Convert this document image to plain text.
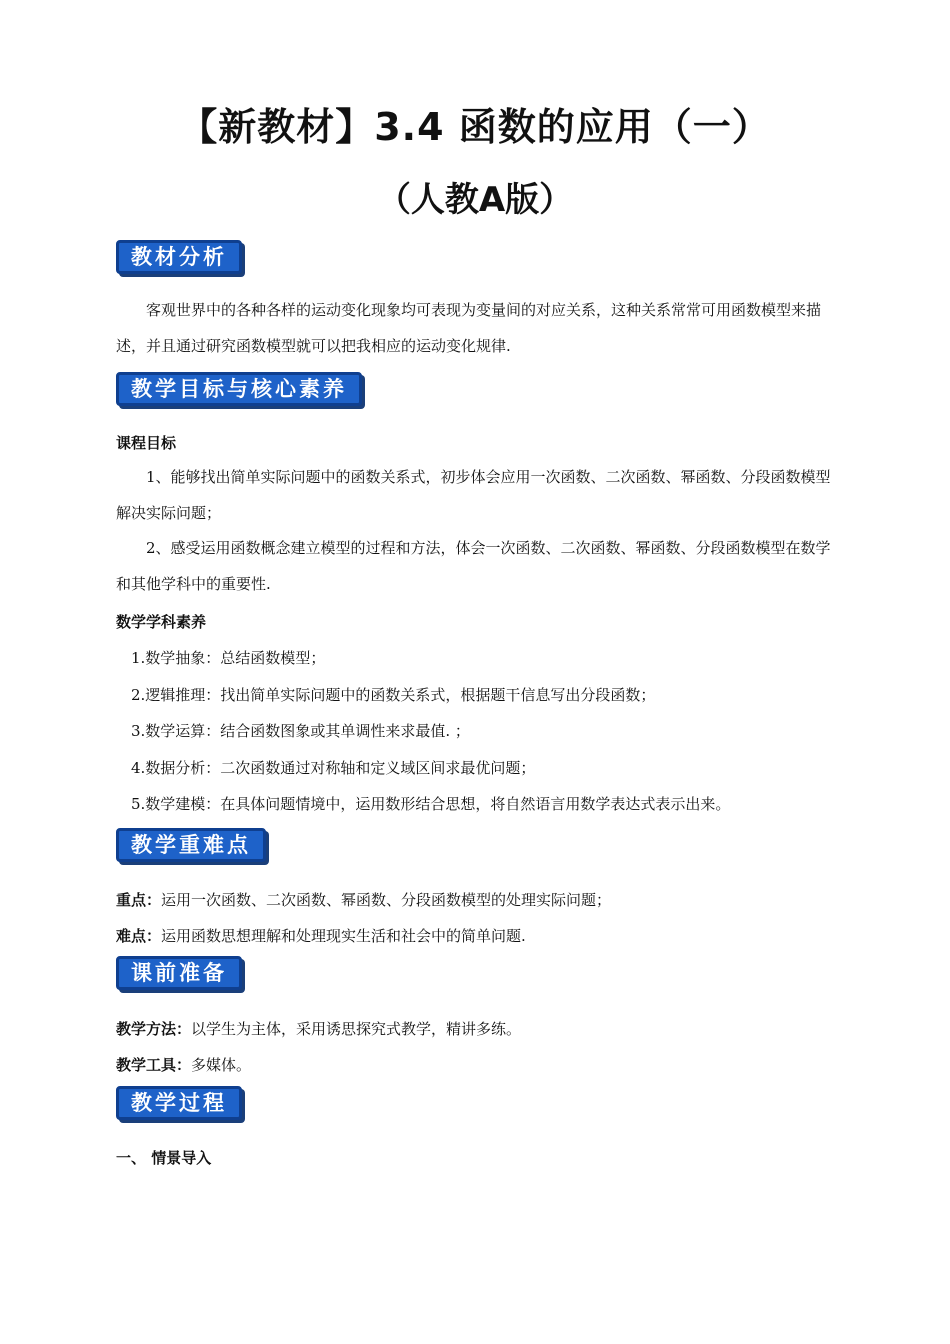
【新教材】3.4 函数的应用（一）
（人教A版）
教材分析
客观世界中的各种各样的运动变化现象均可表现为变量间的对应关系，这种关系常常可用函数模型来描述，并且通过研究函数模型就可以把我相应的运动变化规律.
教学目标与核心素养
课程目标
1、能够找出简单实际问题中的函数关系式，初步体会应用一次函数、二次函数、幂函数、分段函数模型解决实际问题；
2、感受运用函数概念建立模型的过程和方法，体会一次函数、二次函数、幂函数、分段函数模型在数学和其他学科中的重要性.
数学学科素养
1.数学抽象：总结函数模型；
2.逻辑推理：找出简单实际问题中的函数关系式，根据题干信息写出分段函数；
3.数学运算：结合函数图象或其单调性来求最值. ；
4.数据分析：二次函数通过对称轴和定义域区间求最优问题；
5.数学建模：在具体问题情境中，运用数形结合思想，将自然语言用数学表达式表示出来。
教学重难点
重点：运用一次函数、二次函数、幂函数、分段函数模型的处理实际问题；
难点：运用函数思想理解和处理现实生活和社会中的简单问题.
课前准备
教学方法：以学生为主体，采用诱思探究式教学，精讲多练。
教学工具：多媒体。
教学过程
一、 情景导入
